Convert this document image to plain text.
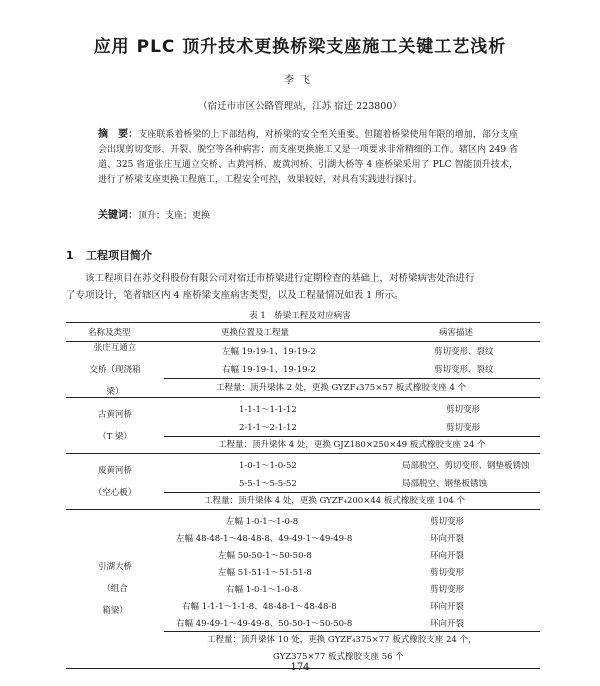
应用 PLC 顶升技术更换桥梁支座施工关键工艺浅析
李飞
（宿迁市市区公路管理站，江苏 宿迁 223800）
摘　要：支座联系着桥梁的上下部结构，对桥梁的安全至关重要。但随着桥梁使用年限的增加，部分支座会出现剪切变形、开裂、脱空等各种病害；而支座更换施工又是一项要求非常精细的工作。辖区内 249 省道、325 省道张庄互通立交桥、古黄河桥、废黄河桥、引湖大桥等 4 座桥梁采用了 PLC 智能顶升技术，进行了桥梁支座更换工程施工，工程安全可控，效果较好，对具有实践进行探讨。
关键词：顶升；支座；更换
1 工程项目简介

该工程项目在苏交科股份有限公司对宿迁市桥梁进行定期检查的基础上，对桥梁病害处治进行

了专项设计，笔者辖区内 4 座桥梁支座病害类型，以及工程量情况如表 1 所示。
表 1　桥梁工程及对应病害
名称及类型	更换位置及工程量	病害描述
张庄互通立
交桥（现浇箱
梁）
左幅 19-19-1、19-19-2	剪切变形、裂纹
右幅 19-19-1、19-19-2	剪切变形、裂纹
工程量：顶升梁体 2 处，更换 GYZF₄375×57 板式橡胶支座 4 个
古黄河桥
（T 梁）
1-1-1～1-1-12	剪切变形
2-1-1～2-1-12	剪切变形
工程量：顶升梁体 4 处，更换 GJZ180×250×49 板式橡胶支座 24 个
废黄河桥
（空心板）
1-0-1～1-0-52	局部脱空、剪切变形、钢垫板锈蚀
5-5-1～5-5-52	局部脱空、钢垫板锈蚀
工程量：顶升梁体 4 处，更换 GYZF₄200×44 板式橡胶支座 104 个
引湖大桥
（组合
箱梁）
左幅 1-0-1～1-0-8	剪切变形
左幅 48-48-1～48-48-8、49-49-1～49-49-8	环向开裂
左幅 50-50-1～50-50-8	环向开裂
左幅 51-51-1～51-51-8	剪切变形
右幅 1-0-1～1-0-8	剪切变形
右幅 1-1-1～1-1-8、48-48-1～48-48-8	环向开裂
右幅 49-49-1～49-49-8、50-50-1～50-50-8	环向开裂
工程量：顶升梁体 10 处，更换 GYZF₄375×77 板式橡胶支座 24 个，
GYZ375×77 板式橡胶支座 56 个
174
